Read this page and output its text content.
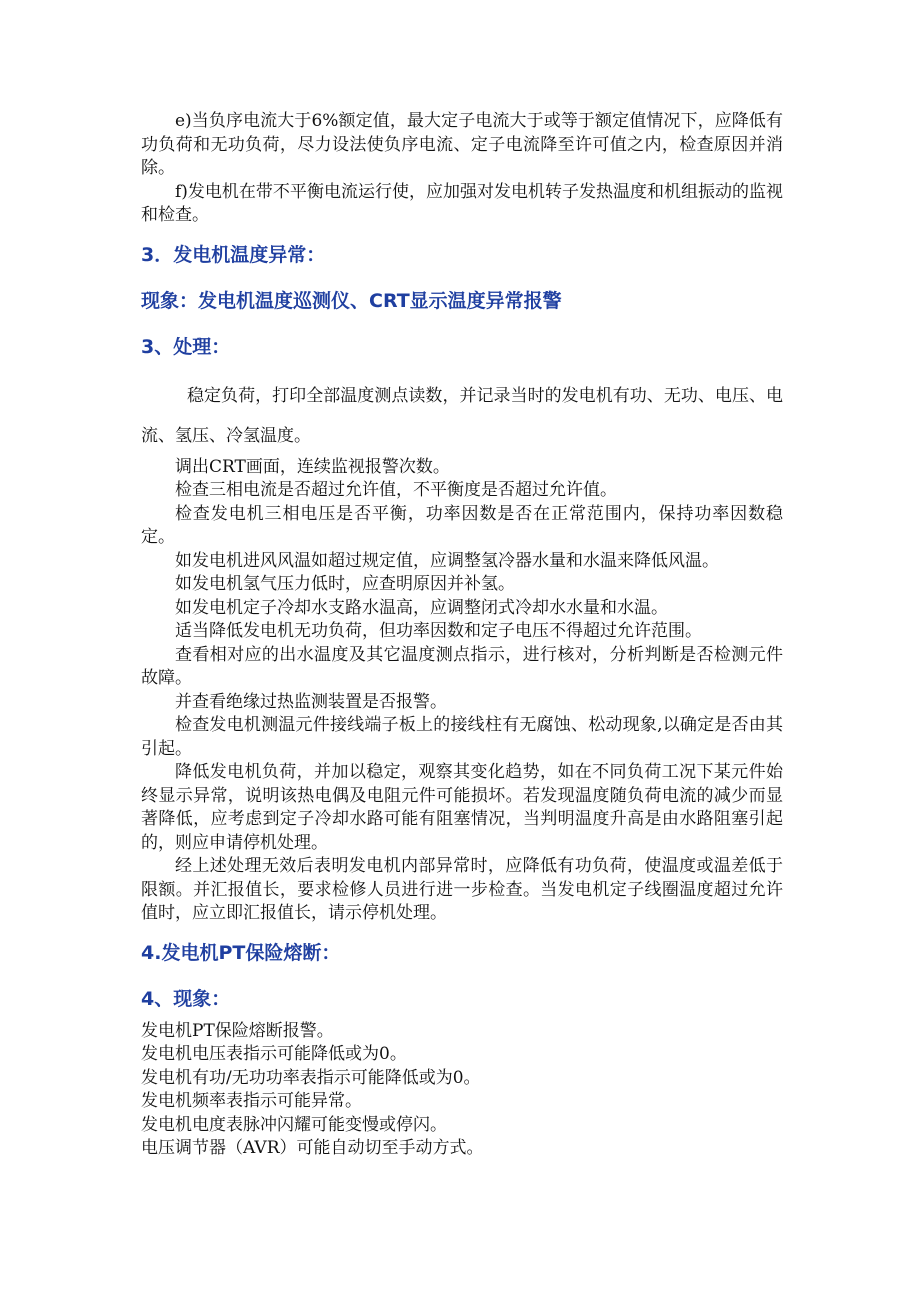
e)当负序电流大于6%额定值，最大定子电流大于或等于额定值情况下，应降低有功负荷和无功负荷，尽力设法使负序电流、定子电流降至许可值之内，检查原因并消除。

f)发电机在带不平衡电流运行使，应加强对发电机转子发热温度和机组振动的监视和检查。

3．发电机温度异常：
现象：发电机温度巡测仪、CRT显示温度异常报警
3、处理：

稳定负荷，打印全部温度测点读数，并记录当时的发电机有功、无功、电压、电流、氢压、冷氢温度。

调出CRT画面，连续监视报警次数。

检查三相电流是否超过允许值，不平衡度是否超过允许值。

检查发电机三相电压是否平衡，功率因数是否在正常范围内，保持功率因数稳定。

如发电机进风风温如超过规定值，应调整氢冷器水量和水温来降低风温。

如发电机氢气压力低时，应查明原因并补氢。

如发电机定子冷却水支路水温高，应调整闭式冷却水水量和水温。

适当降低发电机无功负荷，但功率因数和定子电压不得超过允许范围。

查看相对应的出水温度及其它温度测点指示，进行核对，分析判断是否检测元件故障。

并查看绝缘过热监测装置是否报警。

检查发电机测温元件接线端子板上的接线柱有无腐蚀、松动现象,以确定是否由其引起。

降低发电机负荷，并加以稳定，观察其变化趋势，如在不同负荷工况下某元件始终显示异常，说明该热电偶及电阻元件可能损坏。若发现温度随负荷电流的减少而显著降低，应考虑到定子冷却水路可能有阻塞情况，当判明温度升高是由水路阻塞引起的，则应申请停机处理。

经上述处理无效后表明发电机内部异常时，应降低有功负荷，使温度或温差低于限额。并汇报值长，要求检修人员进行进一步检查。当发电机定子线圈温度超过允许值时，应立即汇报值长，请示停机处理。

4.发电机PT保险熔断：
4、现象：

发电机PT保险熔断报警。

发电机电压表指示可能降低或为0。

发电机有功/无功功率表指示可能降低或为0。

发电机频率表指示可能异常。

发电机电度表脉冲闪耀可能变慢或停闪。

电压调节器（AVR）可能自动切至手动方式。
